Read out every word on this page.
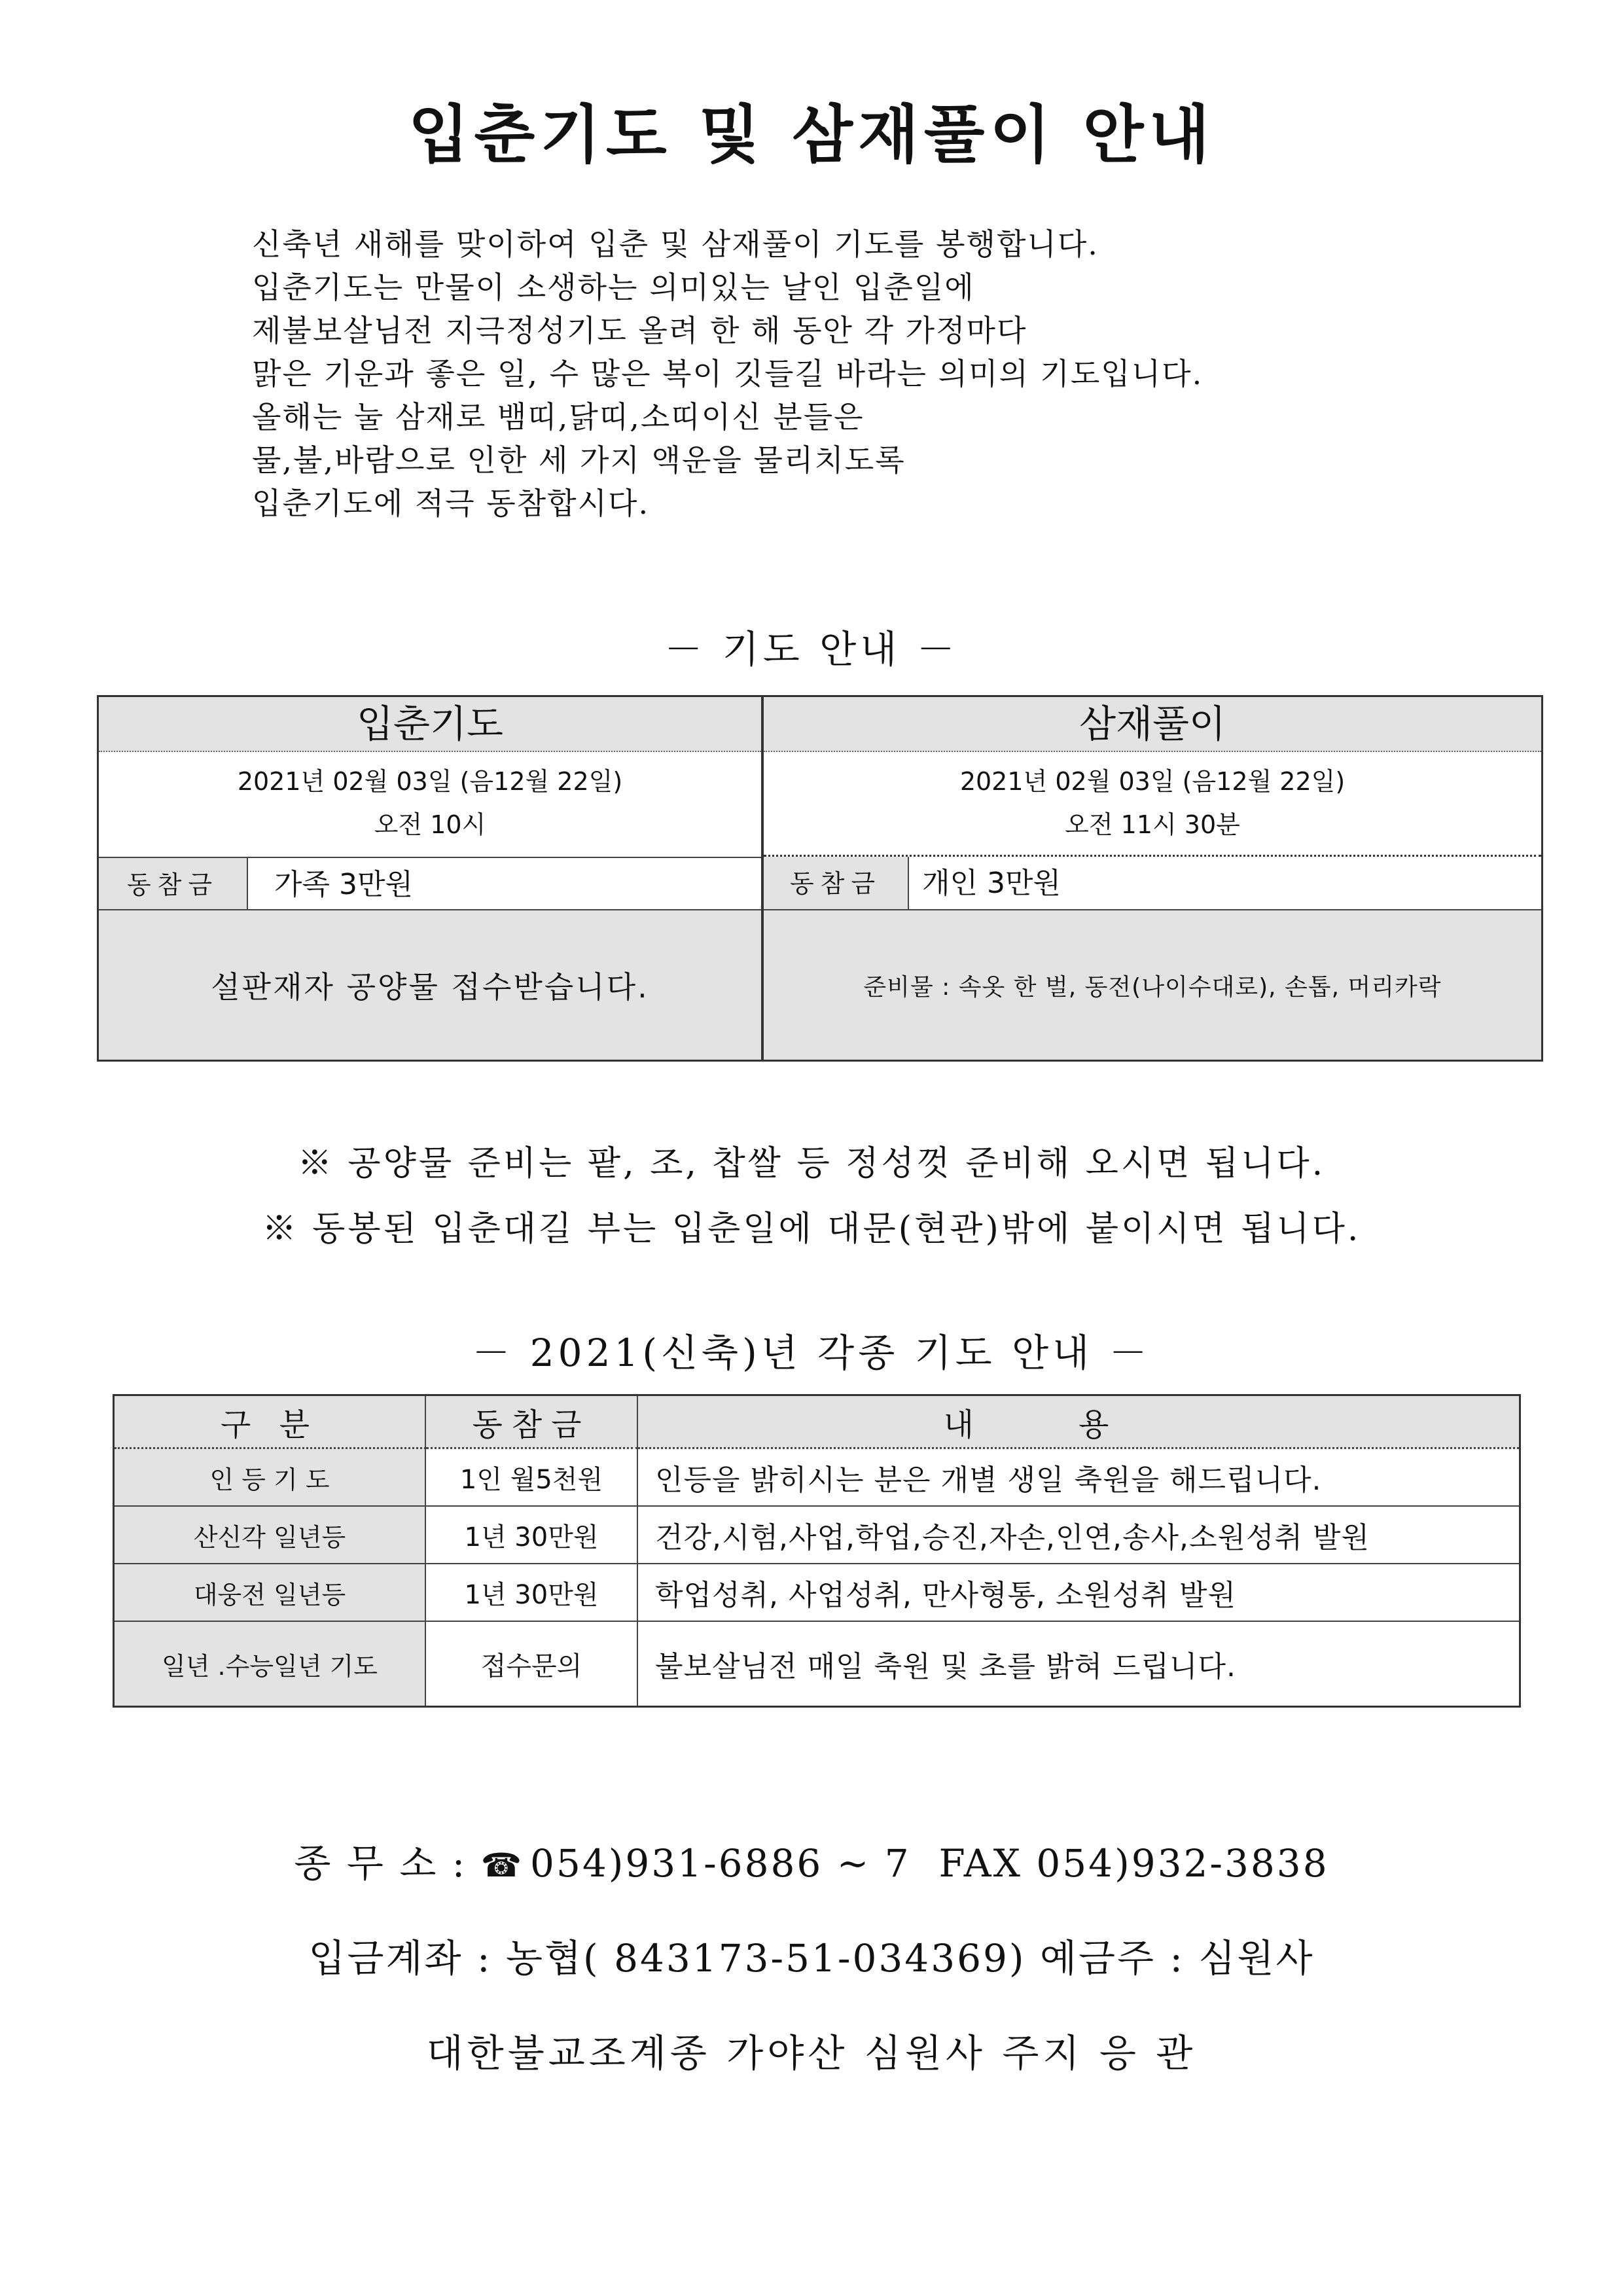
입춘기도 및 삼재풀이 안내
신축년 새해를 맞이하여 입춘 및 삼재풀이 기도를 봉행합니다.
입춘기도는 만물이 소생하는 의미있는 날인 입춘일에
제불보살님전 지극정성기도 올려 한 해 동안 각 가정마다
맑은 기운과 좋은 일, 수 많은 복이 깃들길 바라는 의미의 기도입니다.
올해는 눌 삼재로 뱀띠,닭띠,소띠이신 분들은
물,불,바람으로 인한 세 가지 액운을 물리치도록
입춘기도에 적극 동참합시다.
－ 기도 안내 －
입춘기도
2021년 02월 03일 (음12월 22일)
오전 10시
동참금	가족 3만원
설판재자 공양물 접수받습니다.
삼재풀이
2021년 02월 03일 (음12월 22일)
오전 11시 30분
동참금	개인 3만원
준비물 : 속옷 한 벌, 동전(나이수대로), 손톱, 머리카락
※ 공양물 준비는 팥, 조, 찹쌀 등 정성껏 준비해 오시면 됩니다.
※ 동봉된 입춘대길 부는 입춘일에 대문(현관)밖에 붙이시면 됩니다.
－ 2021(신축)년 각종 기도 안내 －
구 분	동참금	내용
인 등 기 도	1인 월5천원	인등을 밝히시는 분은 개별 생일 축원을 해드립니다.
산신각 일년등	1년 30만원	건강,시험,사업,학업,승진,자손,인연,송사,소원성취 발원
대웅전 일년등	1년 30만원	학업성취, 사업성취, 만사형통, 소원성취 발원
일년 .수능일년 기도	접수문의	불보살님전 매일 축원 및 초를 밝혀 드립니다.
종 무 소 : ☎ 054)931-6886 ~ 7 FAX 054)932-3838
입금계좌 : 농협( 843173-51-034369) 예금주 : 심원사
대한불교조계종 가야산 심원사 주지 응 관
